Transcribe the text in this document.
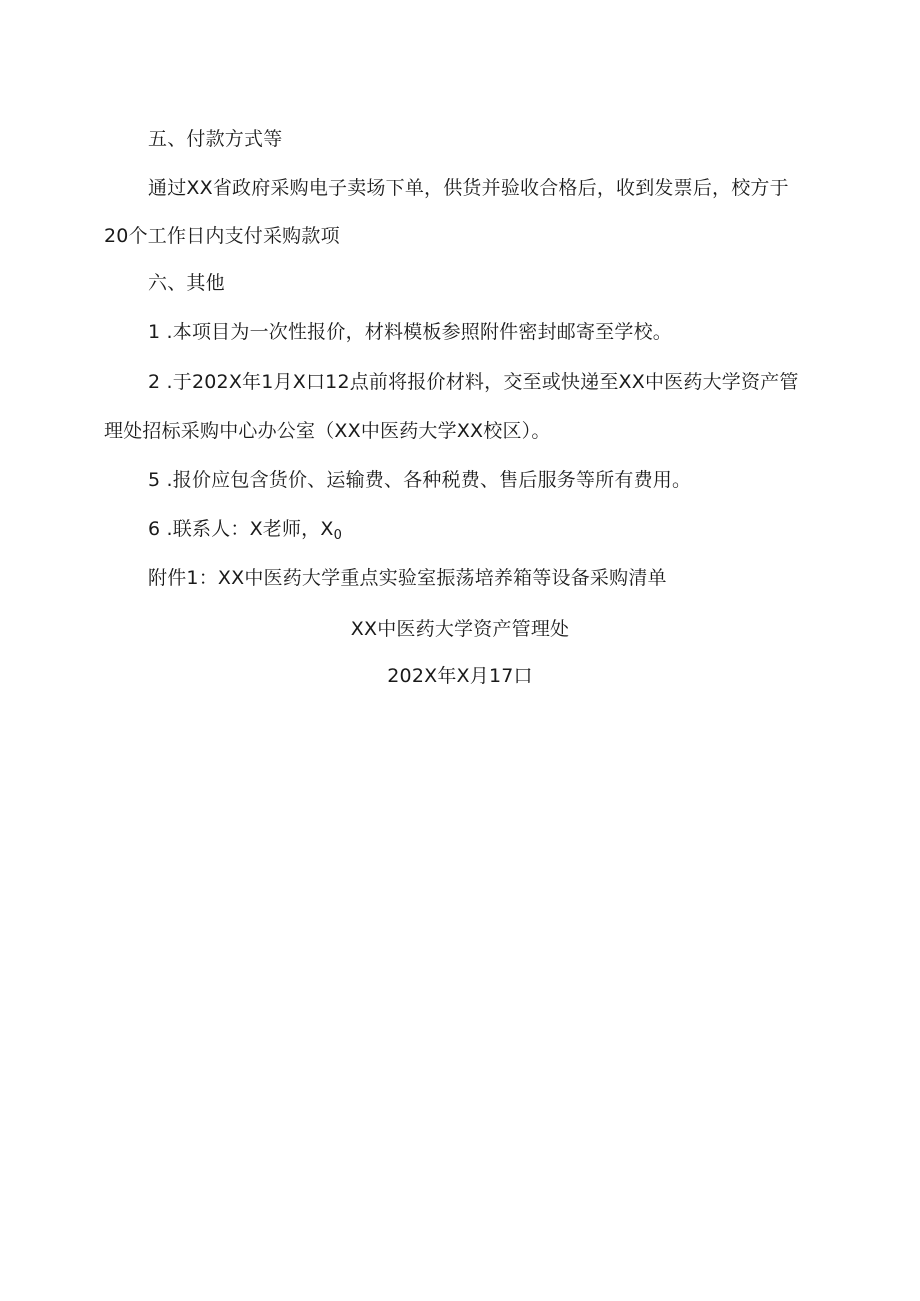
五、付款方式等
通过XX省政府采购电子卖场下单，供货并验收合格后，收到发票后，校方于
20个工作日内支付采购款项
六、其他
1 .本项目为一次性报价，材料模板参照附件密封邮寄至学校。
2 .于202X年1月X口12点前将报价材料，交至或快递至XX中医药大学资产管
理处招标采购中心办公室（XX中医药大学XX校区）。
5 .报价应包含货价、运输费、各种税费、售后服务等所有费用。
6 .联系人：X老师，$X_0$
附件1：XX中医药大学重点实验室振荡培养箱等设备采购清单
XX中医药大学资产管理处
202X年X月17口
